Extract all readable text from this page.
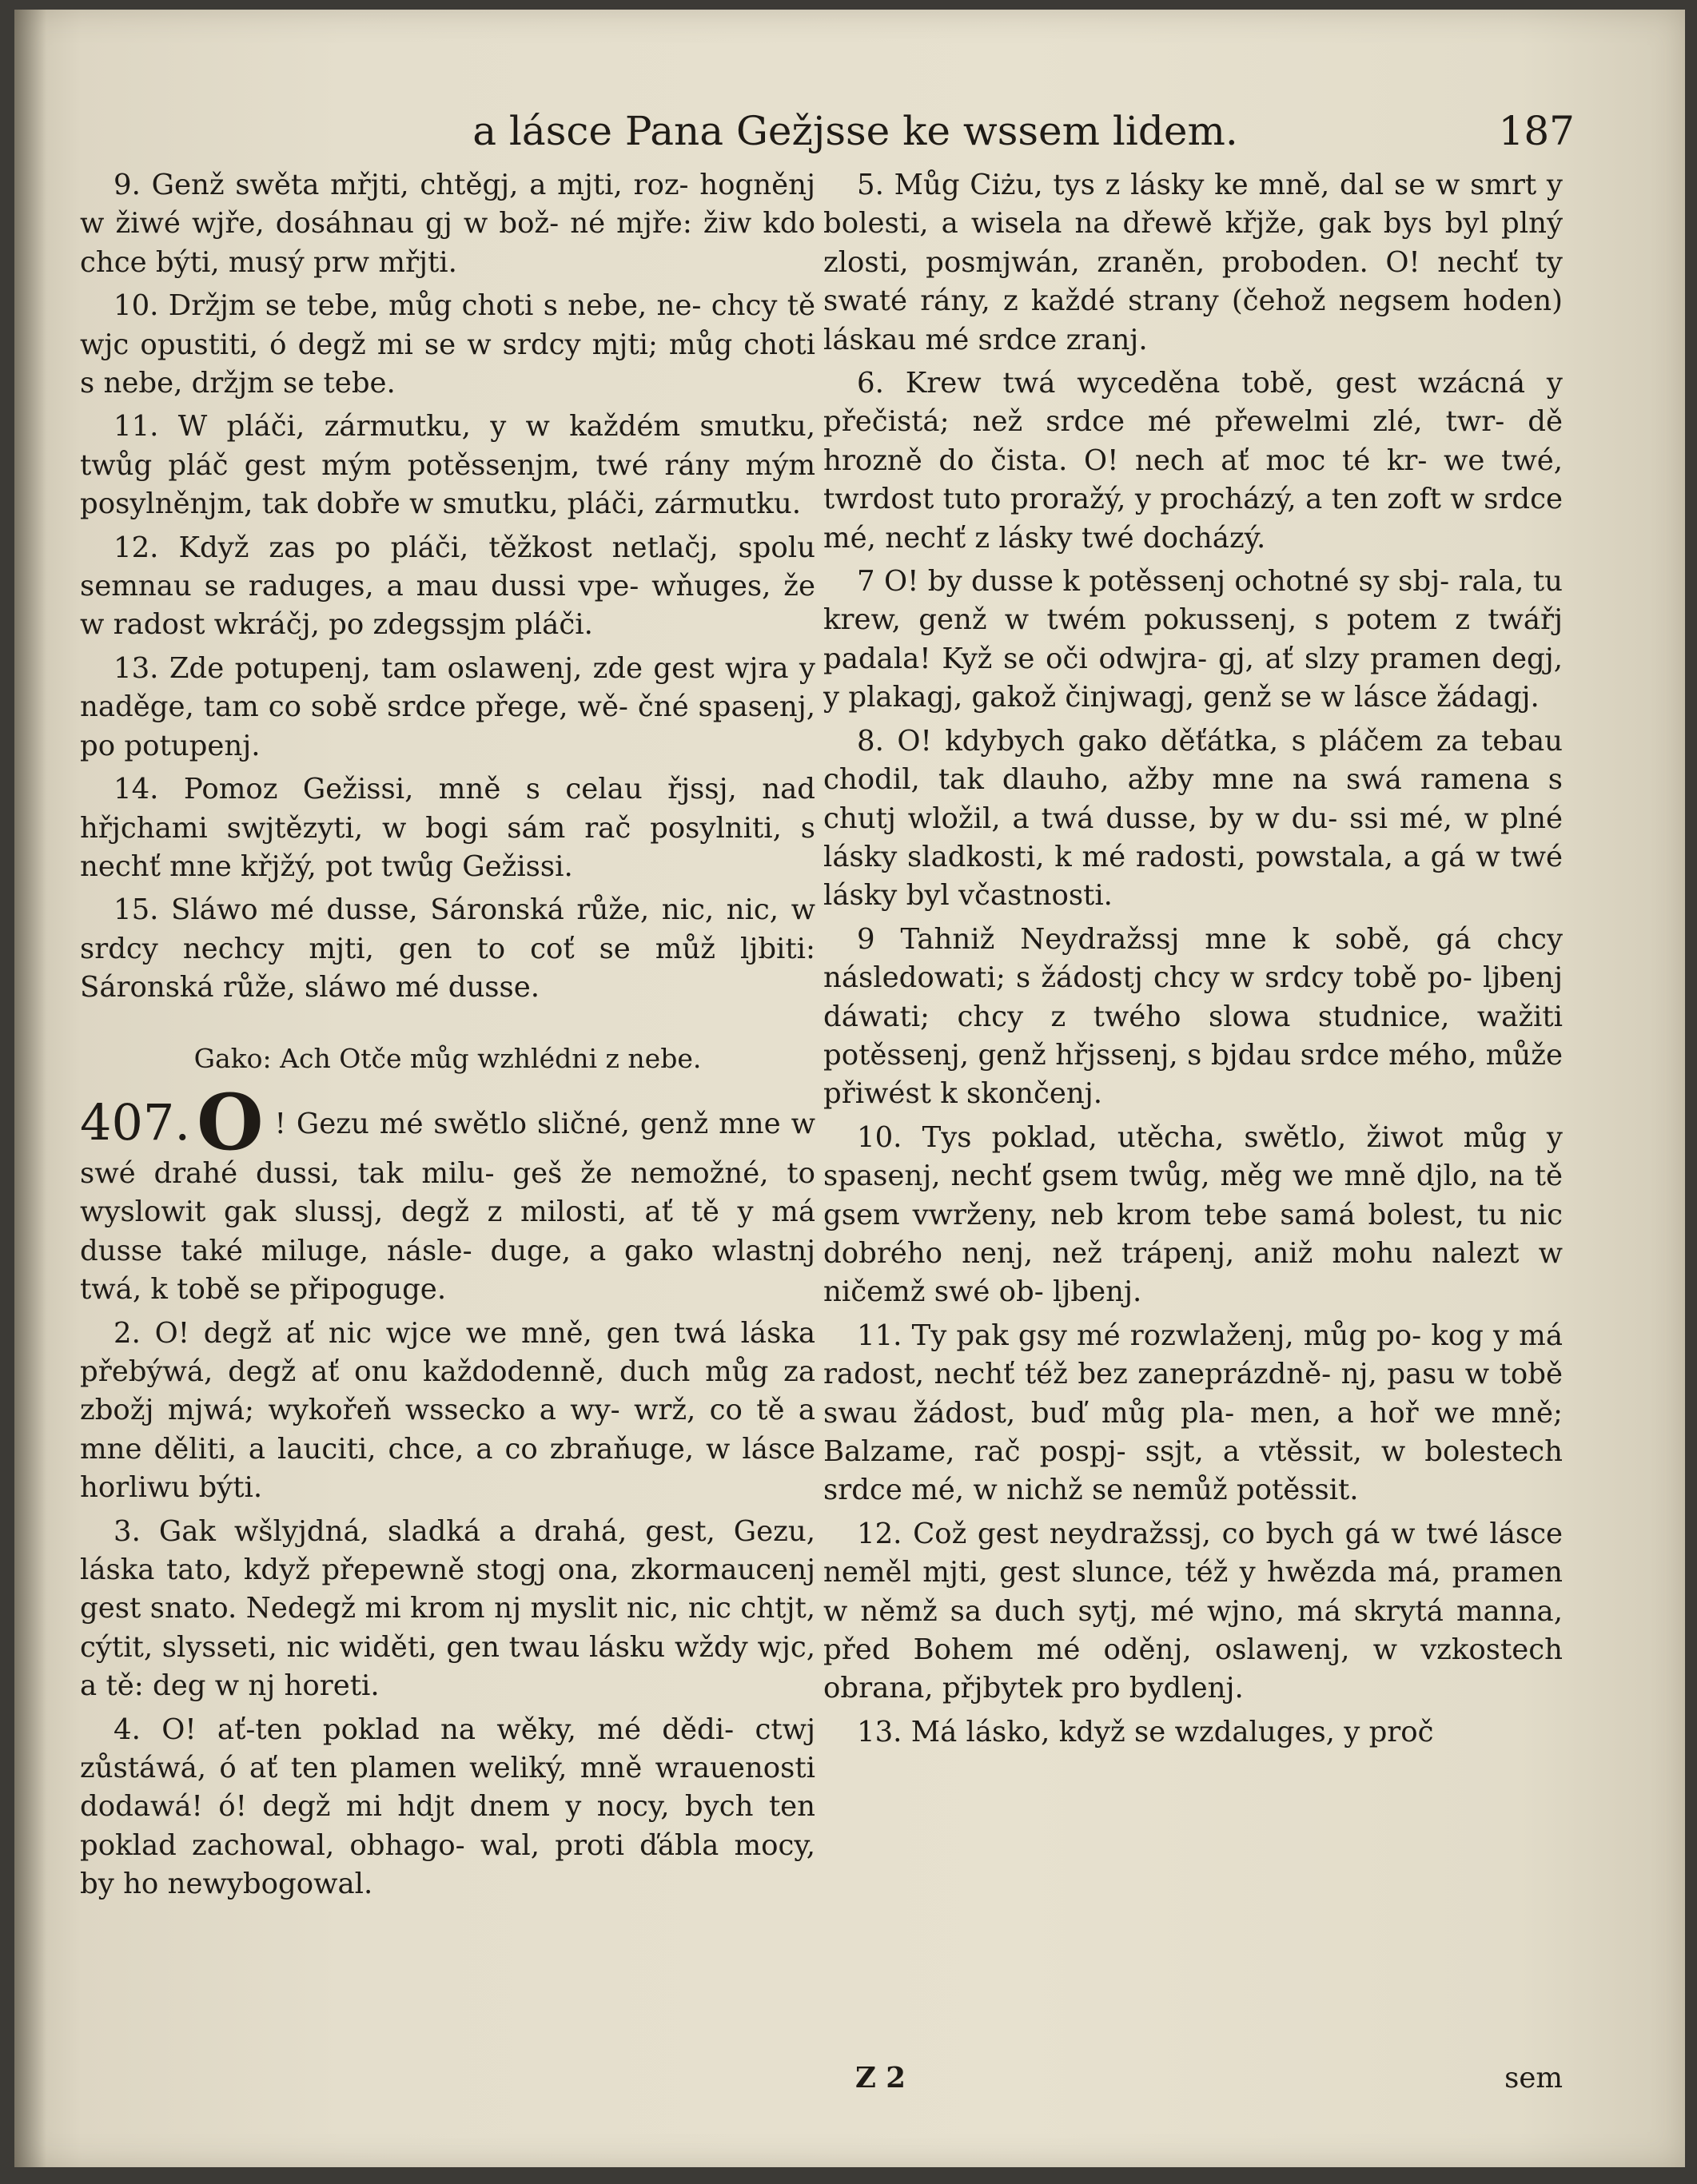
a lásce Pana Gežjsse ke wssem lidem.	187

9. Genž swěta mřjti, chtěgj, a mjti, roz- hogněnj w žiwé wjře, dosáhnau gj w bož- né mjře: žiw kdo chce býti, musý prw mřjti.

10. Držjm se tebe, můg choti s nebe, ne- chcy tě wjc opustiti, ó degž mi se w srdcy mjti; můg choti s nebe, držjm se tebe.

11. W pláči, zármutku, y w každém smutku, twůg pláč gest mým potěssenjm, twé rány mým posylněnjm, tak dobře w smutku, pláči, zármutku.

12. Když zas po pláči, těžkost netlačj, spolu semnau se raduges, a mau dussi vpe- wňuges, že w radost wkráčj, po zdegssjm pláči.

13. Zde potupenj, tam oslawenj, zde gest wjra y naděge, tam co sobě srdce přege, wě- čné spasenj, po potupenj.

14. Pomoz Gežissi, mně s celau řjssj, nad hřjchami swjtězyti, w bogi sám rač posylniti, s nechť mne křjžý, pot twůg Gežissi.

15. Sláwo mé dusse, Sáronská růže, nic, nic, w srdcy nechcy mjti, gen to coť se můž ljbiti: Sáronská růže, sláwo mé dusse.

Gako: Ach Otče můg wzhlédni z nebe.

407.O ! Gezu mé swětlo sličné, genž mne w swé drahé dussi, tak milu- geš že nemožné, to wyslowit gak slussj, degž z milosti, ať tě y má dusse také miluge, násle- duge, a gako wlastnj twá, k tobě se připoguge.

2. O! degž ať nic wjce we mně, gen twá láska přebýwá, degž ať onu každodenně, duch můg za zbožj mjwá; wykořeň wssecko a wy- wrž, co tě a mne děliti, a lauciti, chce, a co zbraňuge, w lásce horliwu býti.

3. Gak wšlyjdná, sladká a drahá, gest, Gezu, láska tato, když přepewně stogj ona, zkormaucenj gest snato. Nedegž mi krom nj myslit nic, nic chtjt, cýtit, slysseti, nic widěti, gen twau lásku wždy wjc, a tě: deg w nj horeti.

4. O! ať-ten poklad na wěky, mé dědi- ctwj zůstáwá, ó ať ten plamen weliký, mně wrauenosti dodawá! ó! degž mi hdjt dnem y nocy, bych ten poklad zachowal, obhago- wal, proti ďábla mocy, by ho newybogowal.

5. Můg Ciżu, tys z lásky ke mně, dal se w smrt y bolesti, a wisela na dřewě křjže, gak bys byl plný zlosti, posmjwán, zraněn, proboden. O! nechť ty swaté rány, z každé strany (čehož negsem hoden) láskau mé srdce zranj.

6. Krew twá wyceděna tobě, gest wzácná y přečistá; než srdce mé přewelmi zlé, twr- dě hrozně do čista. O! nech ať moc té kr- we twé, twrdost tuto proražý, y procházý, a ten zoft w srdce mé, nechť z lásky twé docházý.

7 O! by dusse k potěssenj ochotné sy sbj- rala, tu krew, genž w twém pokussenj, s potem z twářj padala! Kyž se oči odwjra- gj, ať slzy pramen degj, y plakagj, gakož činjwagj, genž se w lásce žádagj.

8. O! kdybych gako děťátka, s pláčem za tebau chodil, tak dlauho, ažby mne na swá ramena s chutj wložil, a twá dusse, by w du- ssi mé, w plné lásky sladkosti, k mé radosti, powstala, a gá w twé lásky byl včastnosti.

9 Tahniž Neydražssj mne k sobě, gá chcy následowati; s žádostj chcy w srdcy tobě po- ljbenj dáwati; chcy z twého slowa studnice, wažiti potěssenj, genž hřjssenj, s bjdau srdce mého, může přiwést k skončenj.

10. Tys poklad, utěcha, swětlo, žiwot můg y spasenj, nechť gsem twůg, měg we mně djlo, na tě gsem vwrženy, neb krom tebe samá bolest, tu nic dobrého nenj, než trápenj, aniž mohu nalezt w ničemž swé ob- ljbenj.

11. Ty pak gsy mé rozwlaženj, můg po- kog y má radost, nechť též bez zaneprázdně- nj, pasu w tobě swau žádost, buď můg pla- men, a hoř we mně; Balzame, rač pospj- ssjt, a vtěssit, w bolestech srdce mé, w nichž se nemůž potěssit.

12. Což gest neydražssj, co bych gá w twé lásce neměl mjti, gest slunce, též y hwězda má, pramen w němž sa duch sytj, mé wjno, má skrytá manna, před Bohem mé oděnj, oslawenj, w vzkostech obrana, přjbytek pro bydlenj.

13. Má lásko, když se wzdaluges, y proč

Z 2	sem
